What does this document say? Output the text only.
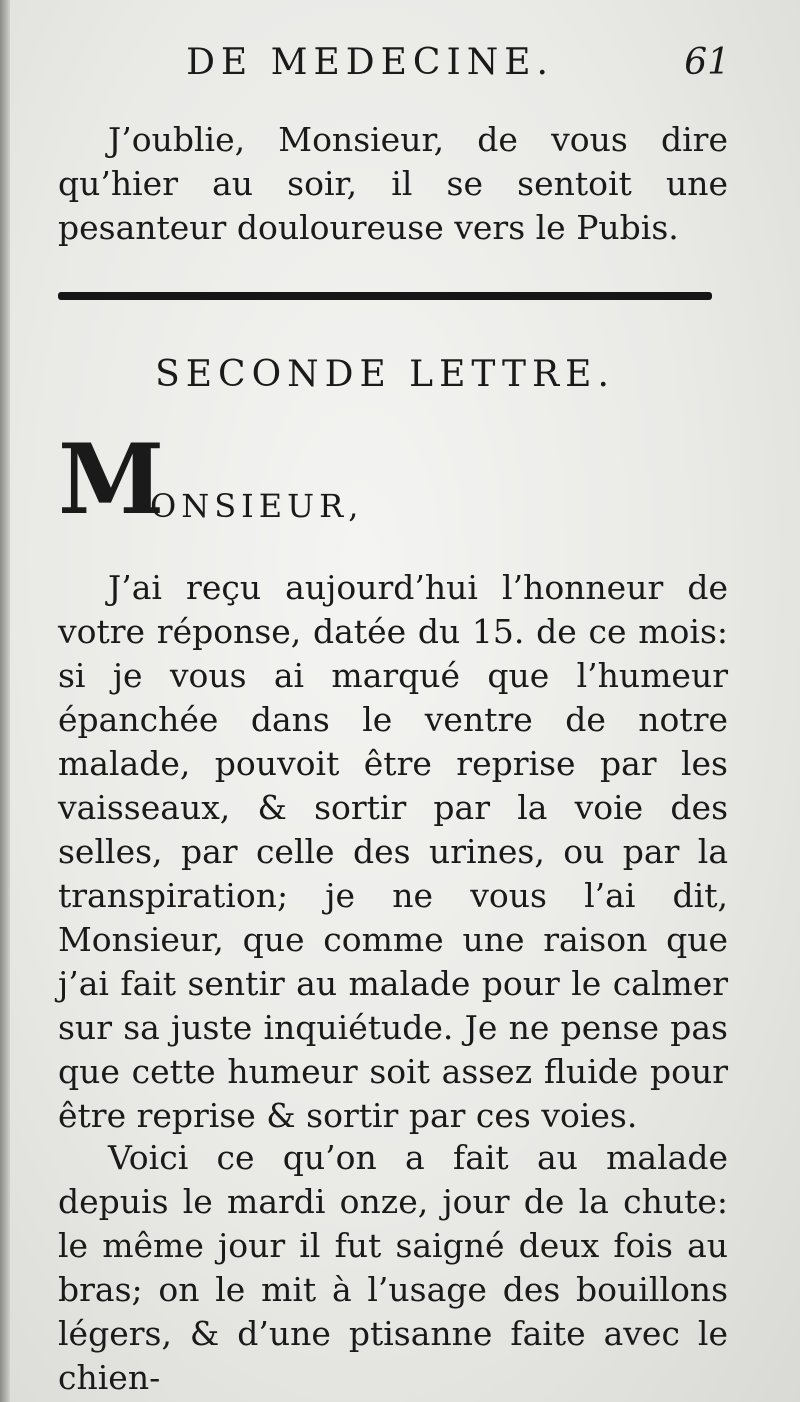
DE MEDECINE.	61

J’oublie, Monsieur, de vous dire qu’hier au soir, il se sentoit une pesanteur douloureuse vers le Pubis.

SECONDE LETTRE.
M
ONSIEUR,

J’ai reçu aujourd’hui l’honneur de votre réponse, datée du 15. de ce mois: si je vous ai marqué que l’humeur épanchée dans le ventre de notre malade, pouvoit être reprise par les vaisseaux, & sortir par la voie des selles, par celle des urines, ou par la transpiration; je ne vous l’ai dit, Monsieur, que comme une raison que j’ai fait sentir au malade pour le calmer sur sa juste inquiétude. Je ne pense pas que cette humeur soit assez fluide pour être reprise & sortir par ces voies.

Voici ce qu’on a fait au malade depuis le mardi onze, jour de la chute: le même jour il fut saigné deux fois au bras; on le mit à l’usage des bouillons légers, & d’une ptisanne faite avec le chien-
